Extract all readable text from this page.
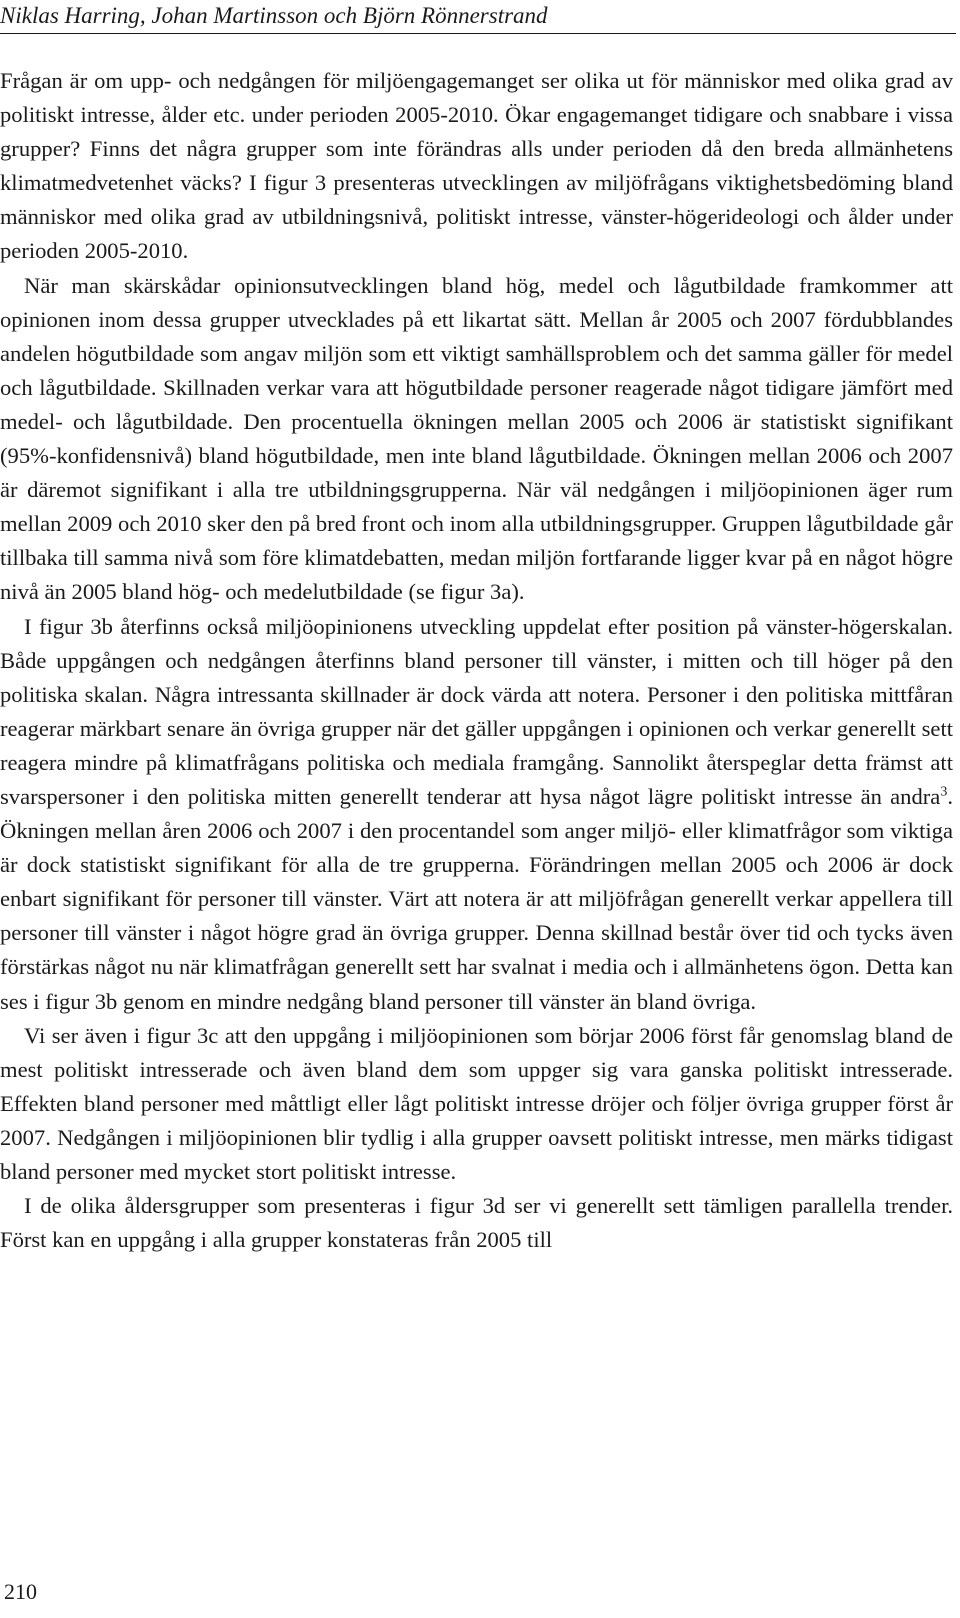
Niklas Harring, Johan Martinsson och Björn Rönnerstrand

Frågan är om upp- och nedgången för miljöengagemanget ser olika ut för människor med olika grad av politiskt intresse, ålder etc. under perioden 2005-2010. Ökar engagemanget tidigare och snabbare i vissa grupper? Finns det några grupper som inte förändras alls under perioden då den breda allmänhetens klimatmedvetenhet väcks? I figur 3 presenteras utvecklingen av miljöfrågans viktighetsbedöming bland människor med olika grad av utbildningsnivå, politiskt intresse, vänster-högerideologi och ålder under perioden 2005-2010.

När man skärskådar opinionsutvecklingen bland hög, medel och lågutbildade framkommer att opinionen inom dessa grupper utvecklades på ett likartat sätt. Mellan år 2005 och 2007 fördubblandes andelen högutbildade som angav miljön som ett viktigt samhällsproblem och det samma gäller för medel och lågutbildade. Skillnaden verkar vara att högutbildade personer reagerade något tidigare jämfört med medel- och lågutbildade. Den procentuella ökningen mellan 2005 och 2006 är statistiskt signifikant (95%-konfidensnivå) bland högutbildade, men inte bland lågutbildade. Ökningen mellan 2006 och 2007 är däremot signifikant i alla tre utbildningsgrupperna. När väl nedgången i miljöopinionen äger rum mellan 2009 och 2010 sker den på bred front och inom alla utbildningsgrupper. Gruppen lågutbildade går tillbaka till samma nivå som före klimatdebatten, medan miljön fortfarande ligger kvar på en något högre nivå än 2005 bland hög- och medelutbildade (se figur 3a).

I figur 3b återfinns också miljöopinionens utveckling uppdelat efter position på vänster-högerskalan. Både uppgången och nedgången återfinns bland personer till vänster, i mitten och till höger på den politiska skalan. Några intressanta skillnader är dock värda att notera. Personer i den politiska mittfåran reagerar märkbart senare än övriga grupper när det gäller uppgången i opinionen och verkar generellt sett reagera mindre på klimatfrågans politiska och mediala framgång. Sannolikt återspeglar detta främst att svarspersoner i den politiska mitten generellt tenderar att hysa något lägre politiskt intresse än andra$^3$. Ökningen mellan åren 2006 och 2007 i den procentandel som anger miljö- eller klimatfrågor som viktiga är dock statistiskt signifikant för alla de tre grupperna. Förändringen mellan 2005 och 2006 är dock enbart signifikant för personer till vänster. Värt att notera är att miljöfrågan generellt verkar appellera till personer till vänster i något högre grad än övriga grupper. Denna skillnad består över tid och tycks även förstärkas något nu när klimatfrågan generellt sett har svalnat i media och i allmänhetens ögon. Detta kan ses i figur 3b genom en mindre nedgång bland personer till vänster än bland övriga.

Vi ser även i figur 3c att den uppgång i miljöopinionen som börjar 2006 först får genomslag bland de mest politiskt intresserade och även bland dem som uppger sig vara ganska politiskt intresserade. Effekten bland personer med måttligt eller lågt politiskt intresse dröjer och följer övriga grupper först år 2007. Nedgången i miljöopinionen blir tydlig i alla grupper oavsett politiskt intresse, men märks tidigast bland personer med mycket stort politiskt intresse.

I de olika åldersgrupper som presenteras i figur 3d ser vi generellt sett tämligen parallella trender. Först kan en uppgång i alla grupper konstateras från 2005 till

210
